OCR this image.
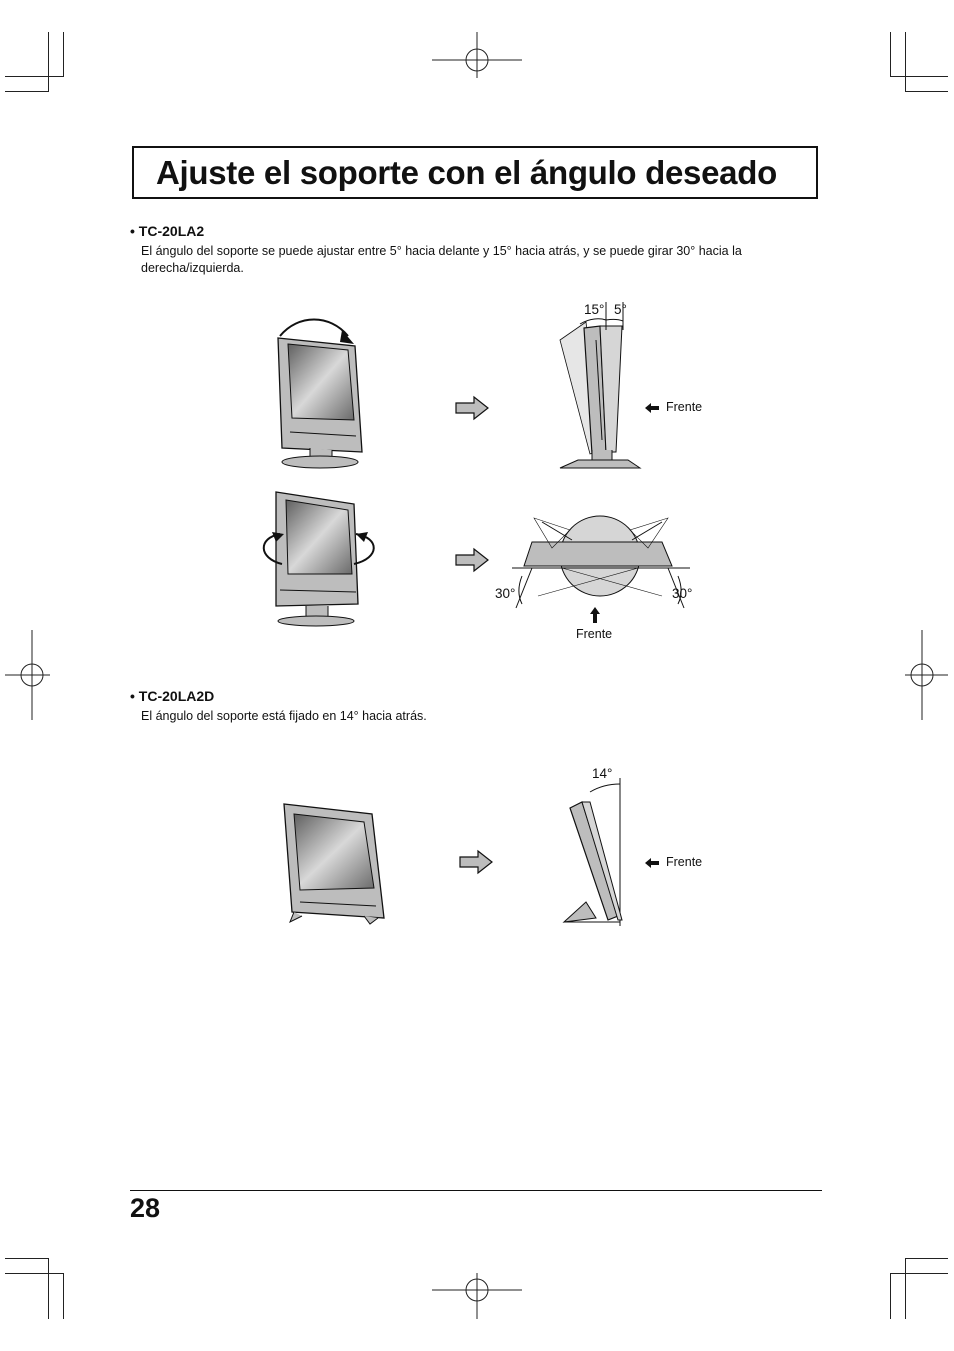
Ajuste el soporte con el ángulo deseado
• TC-20LA2
El ángulo del soporte se puede ajustar entre 5° hacia delante y 15° hacia atrás, y se puede girar 30° hacia la derecha/izquierda.
15° 5°
Frente
30°	30°
Frente
• TC-20LA2D
El ángulo del soporte está fijado en 14° hacia atrás.
14°
Frente
28
